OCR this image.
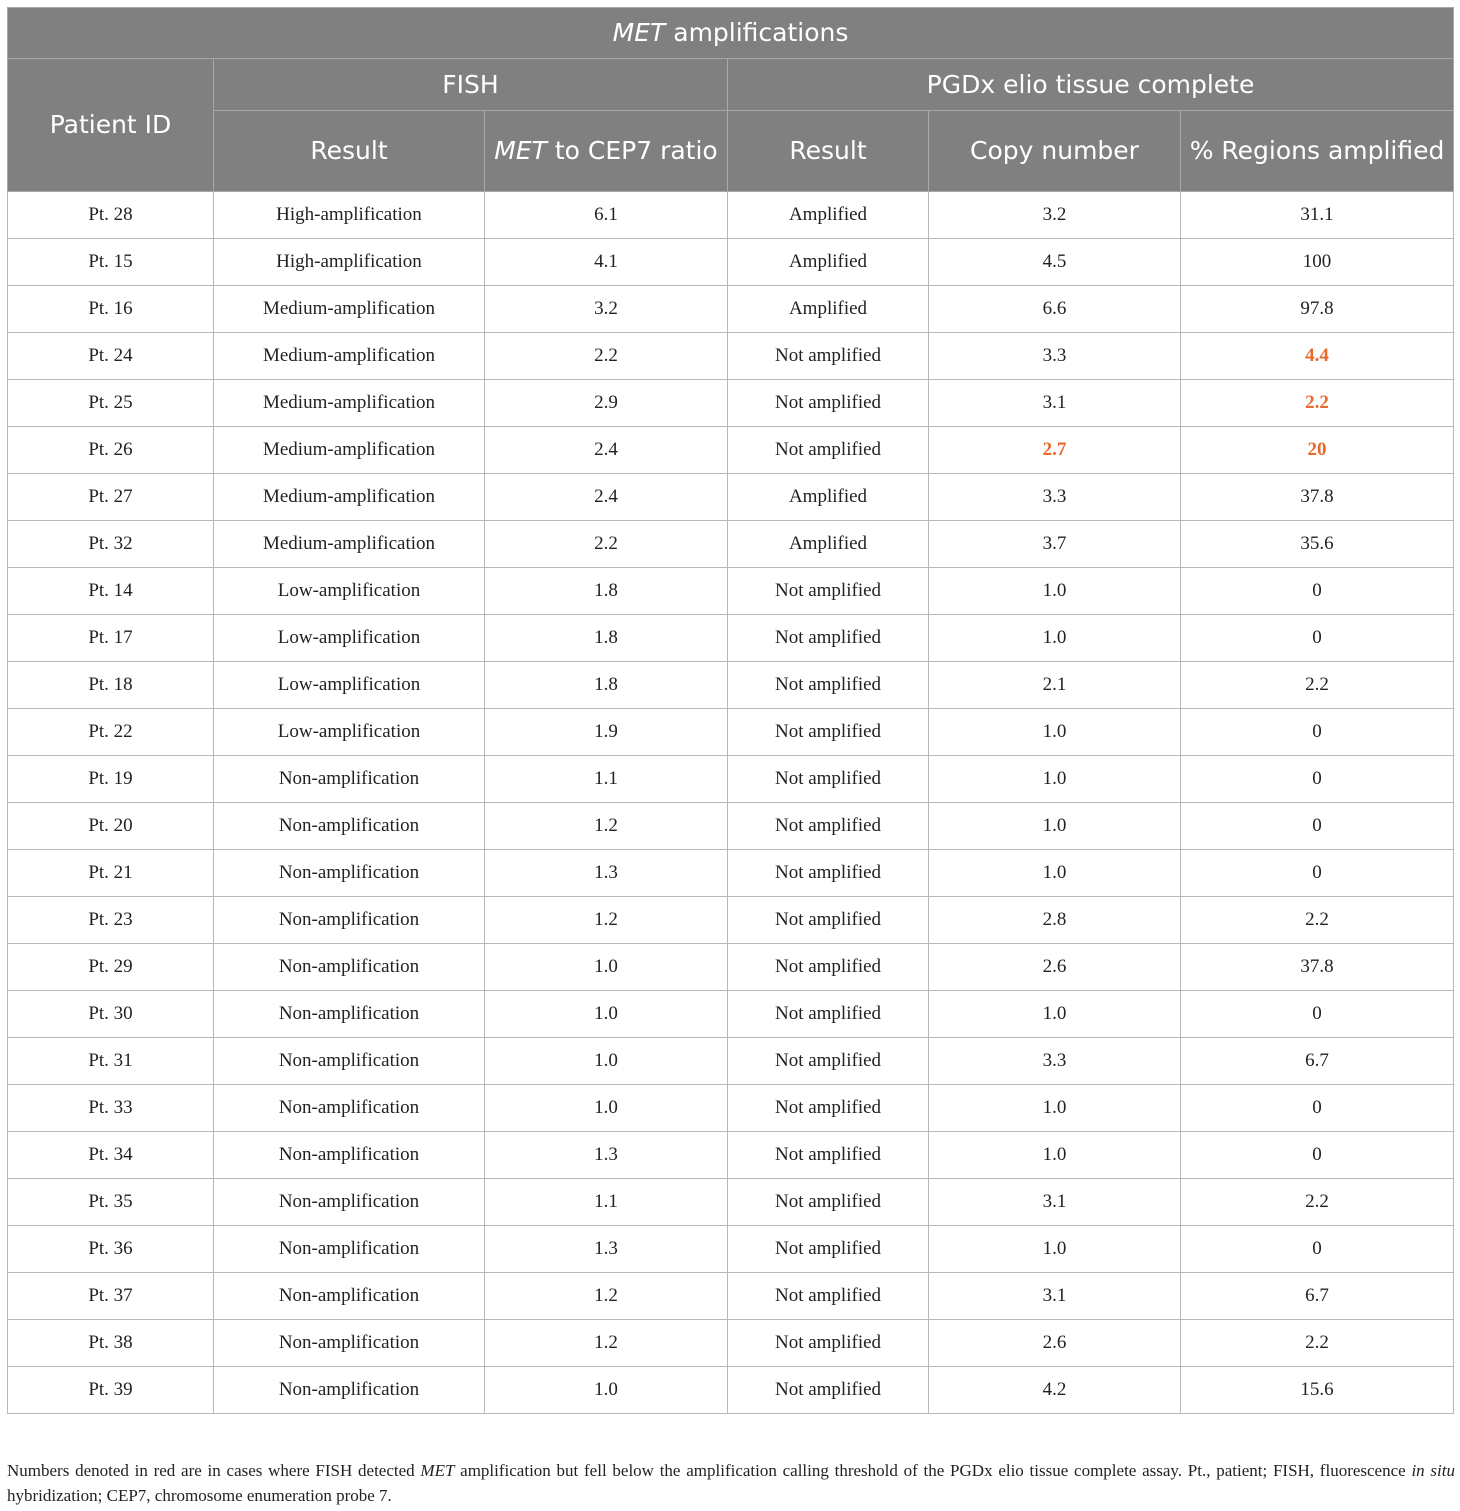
MET amplifications					
Patient ID	FISH		PGDx elio tissue complete		
	Result	MET to CEP7 ratio	Result	Copy number	% Regions amplified
Pt. 28	High-amplification	6.1	Amplified	3.2	31.1
Pt. 15	High-amplification	4.1	Amplified	4.5	100
Pt. 16	Medium-amplification	3.2	Amplified	6.6	97.8
Pt. 24	Medium-amplification	2.2	Not amplified	3.3	4.4
Pt. 25	Medium-amplification	2.9	Not amplified	3.1	2.2
Pt. 26	Medium-amplification	2.4	Not amplified	2.7	20
Pt. 27	Medium-amplification	2.4	Amplified	3.3	37.8
Pt. 32	Medium-amplification	2.2	Amplified	3.7	35.6
Pt. 14	Low-amplification	1.8	Not amplified	1.0	0
Pt. 17	Low-amplification	1.8	Not amplified	1.0	0
Pt. 18	Low-amplification	1.8	Not amplified	2.1	2.2
Pt. 22	Low-amplification	1.9	Not amplified	1.0	0
Pt. 19	Non-amplification	1.1	Not amplified	1.0	0
Pt. 20	Non-amplification	1.2	Not amplified	1.0	0
Pt. 21	Non-amplification	1.3	Not amplified	1.0	0
Pt. 23	Non-amplification	1.2	Not amplified	2.8	2.2
Pt. 29	Non-amplification	1.0	Not amplified	2.6	37.8
Pt. 30	Non-amplification	1.0	Not amplified	1.0	0
Pt. 31	Non-amplification	1.0	Not amplified	3.3	6.7
Pt. 33	Non-amplification	1.0	Not amplified	1.0	0
Pt. 34	Non-amplification	1.3	Not amplified	1.0	0
Pt. 35	Non-amplification	1.1	Not amplified	3.1	2.2
Pt. 36	Non-amplification	1.3	Not amplified	1.0	0
Pt. 37	Non-amplification	1.2	Not amplified	3.1	6.7
Pt. 38	Non-amplification	1.2	Not amplified	2.6	2.2
Pt. 39	Non-amplification	1.0	Not amplified	4.2	15.6
Numbers denoted in red are in cases where FISH detected MET amplification but fell below the amplification calling threshold of the PGDx elio tissue complete assay. Pt., patient; FISH, fluorescence in situ hybridization; CEP7, chromosome enumeration probe 7.
